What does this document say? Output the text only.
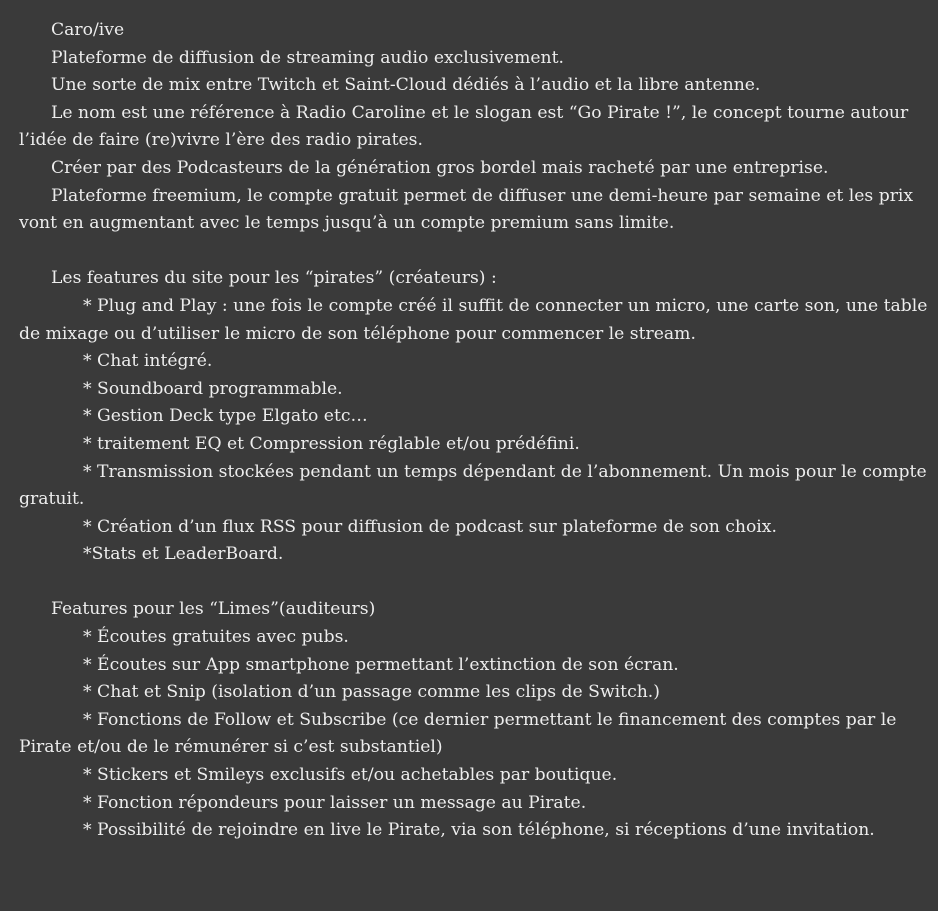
Caro/ive

Plateforme de diffusion de streaming audio exclusivement.

Une sorte de mix entre Twitch et Saint-Cloud dédiés à l’audio et la libre antenne.

Le nom est une référence à Radio Caroline et le slogan est “Go Pirate !”, le concept tourne autour l’idée de faire (re)vivre l’ère des radio pirates.

Créer par des Podcasteurs de la génération gros bordel mais racheté par une entreprise.

Plateforme freemium, le compte gratuit permet de diffuser une demi-heure par semaine et les prix vont en augmentant avec le temps jusqu’à un compte premium sans limite.

Les features du site pour les “pirates” (créateurs) :

* Plug and Play : une fois le compte créé il suffit de connecter un micro, une carte son, une table de mixage ou d’utiliser le micro de son téléphone pour commencer le stream.

* Chat intégré.

* Soundboard programmable.

* Gestion Deck type Elgato etc…

* traitement EQ et Compression réglable et/ou prédéfini.

* Transmission stockées pendant un temps dépendant de l’abonnement. Un mois pour le compte gratuit.

* Création d’un flux RSS pour diffusion de podcast sur plateforme de son choix.

*Stats et LeaderBoard.

Features pour les “Limes”(auditeurs)

* Écoutes gratuites avec pubs.

* Écoutes sur App smartphone permettant l’extinction de son écran.

* Chat et Snip (isolation d’un passage comme les clips de Switch.)

* Fonctions de Follow et Subscribe (ce dernier permettant le financement des comptes par le Pirate et/ou de le rémunérer si c’est substantiel)

* Stickers et Smileys exclusifs et/ou achetables par boutique.

* Fonction répondeurs pour laisser un message au Pirate.

* Possibilité de rejoindre en live le Pirate, via son téléphone, si réceptions d’une invitation.
